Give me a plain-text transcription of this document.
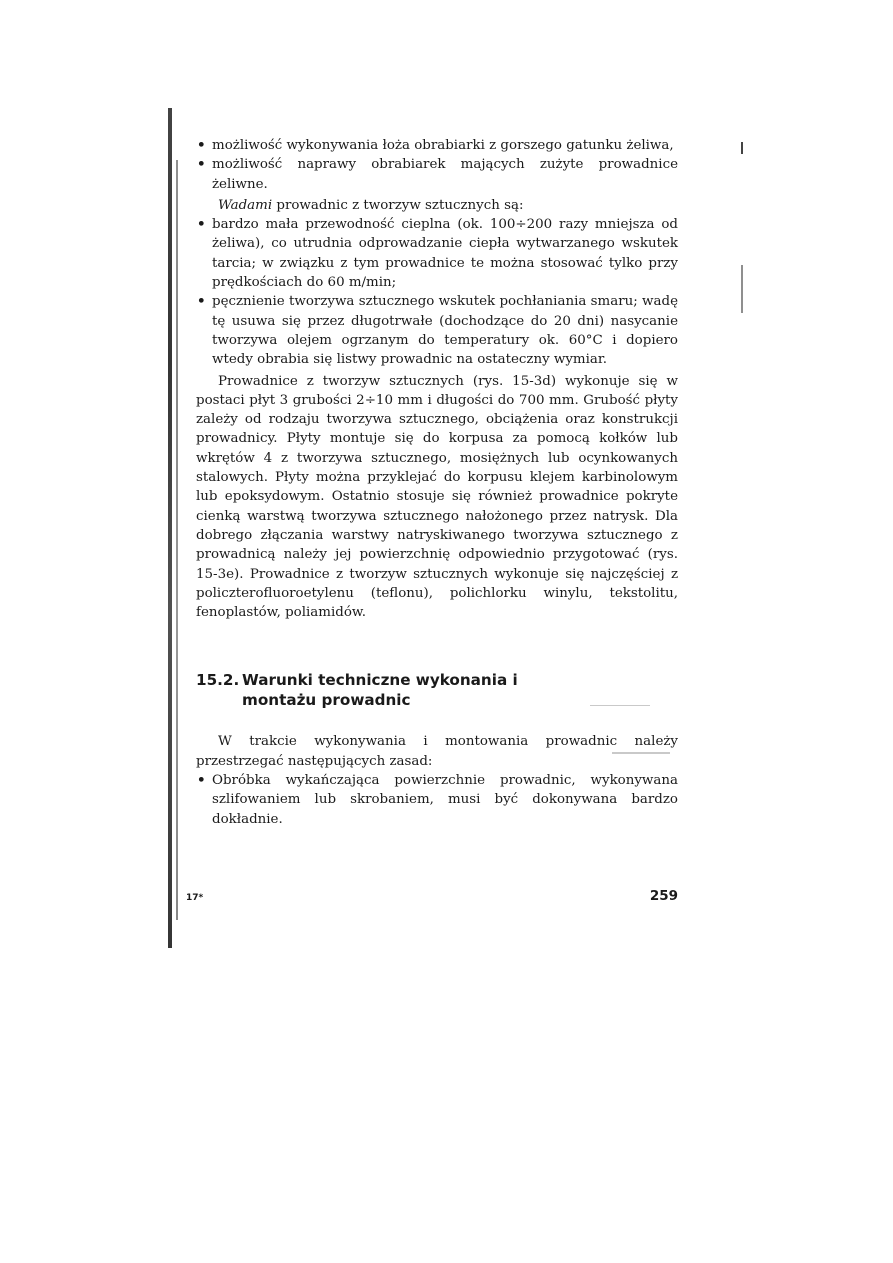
• możliwość wykonywania łoża obrabiarki z gorszego gatunku żeliwa,
• możliwość naprawy obrabiarek mających zużyte prowadnice żeliwne.

Wadami prowadnic z tworzyw sztucznych są:

• bardzo mała przewodność cieplna (ok. 100÷200 razy mniejsza od żeliwa), co utrudnia odprowadzanie ciepła wytwarzanego wskutek tarcia; w związku z tym prowadnice te można stosować tylko przy prędkościach do 60 m/min;
• pęcznienie tworzywa sztucznego wskutek pochłaniania smaru; wadę tę usuwa się przez długotrwałe (dochodzące do 20 dni) nasycanie tworzywa olejem ogrzanym do temperatury ok. 60°C i dopiero wtedy obrabia się listwy prowadnic na ostateczny wymiar.

Prowadnice z tworzyw sztucznych (rys. 15-3d) wykonuje się w postaci płyt 3 grubości 2÷10 mm i długości do 700 mm. Grubość płyty zależy od rodzaju tworzywa sztucznego, obciążenia oraz konstrukcji prowadnicy. Płyty montuje się do korpusa za pomocą kołków lub wkrętów 4 z tworzywa sztucznego, mosiężnych lub ocynkowanych stalowych. Płyty można przyklejać do korpusu klejem karbinolowym lub epoksydowym. Ostatnio stosuje się również prowadnice pokryte cienką warstwą tworzywa sztucznego nałożonego przez natrysk. Dla dobrego złączania warstwy natryskiwanego tworzywa sztucznego z prowadnicą należy jej powierzchnię odpowiednio przygotować (rys. 15-3e). Prowadnice z tworzyw sztucznych wykonuje się najczęściej z policzterofluoroetylenu (teflonu), polichlorku winylu, tekstolitu, fenoplastów, poliamidów.

15.2. Warunki techniczne wykonania i montażu prowadnic

W trakcie wykonywania i montowania prowadnic należy przestrzegać następujących zasad:

• Obróbka wykańczająca powierzchnie prowadnic, wykonywana szlifowaniem lub skrobaniem, musi być dokonywana bardzo dokładnie.
17*	259
